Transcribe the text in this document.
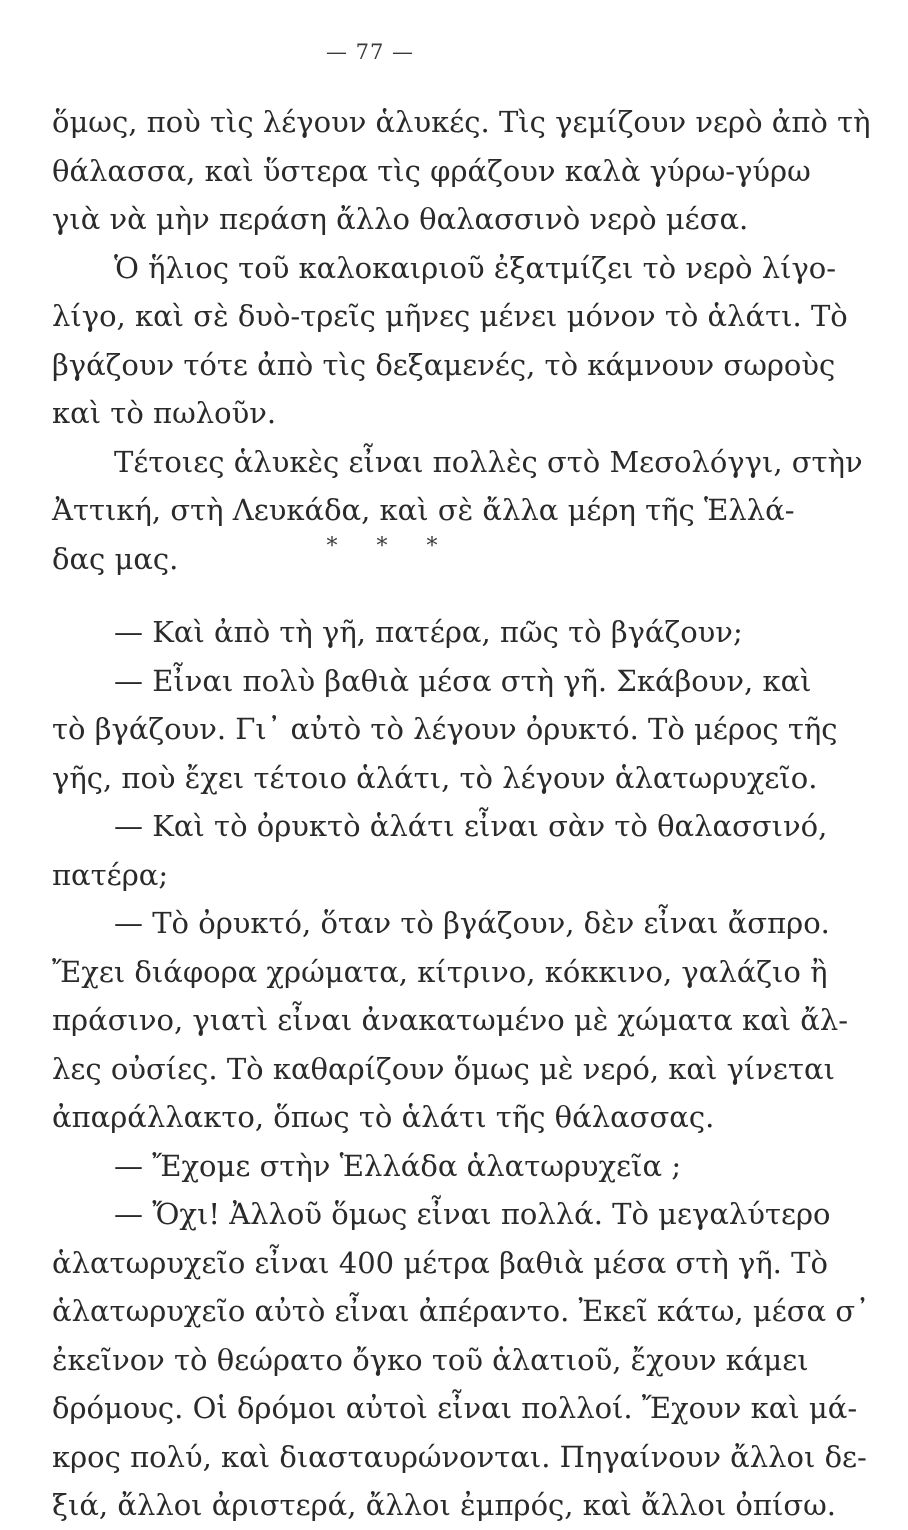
— 77 —
ὅμως, ποὺ τὶς λέγουν ἁλυκές. Τὶς γεμίζουν νερὸ ἀπὸ τὴ
θάλασσα, καὶ ὕστερα τὶς φράζουν καλὰ γύρω-γύρω
γιὰ νὰ μὴν περάση ἄλλο θαλασσινὸ νερὸ μέσα.
Ὁ ἥλιος τοῦ καλοκαιριοῦ ἐξατμίζει τὸ νερὸ λίγο-
λίγο, καὶ σὲ δυὸ-τρεῖς μῆνες μένει μόνον τὸ ἁλάτι. Τὸ
βγάζουν τότε ἀπὸ τὶς δεξαμενές, τὸ κάμνουν σωροὺς
καὶ τὸ πωλοῦν.
Τέτοιες ἁλυκὲς εἶναι πολλὲς στὸ Μεσολόγγι, στὴν
Ἀττική, στὴ Λευκάδα, καὶ σὲ ἄλλα μέρη τῆς Ἑλλά-
δας μας.	* * *
— Καὶ ἀπὸ τὴ γῆ, πατέρα, πῶς τὸ βγάζουν;
— Εἶναι πολὺ βαθιὰ μέσα στὴ γῆ. Σκάβουν, καὶ
τὸ βγάζουν. Γι᾽ αὐτὸ τὸ λέγουν ὀρυκτό. Τὸ μέρος τῆς
γῆς, ποὺ ἔχει τέτοιο ἁλάτι, τὸ λέγουν ἁλατωρυχεῖο.
— Καὶ τὸ ὀρυκτὸ ἁλάτι εἶναι σὰν τὸ θαλασσινό,
πατέρα;
— Τὸ ὀρυκτό, ὅταν τὸ βγάζουν, δὲν εἶναι ἄσπρο.
Ἔχει διάφορα χρώματα, κίτρινο, κόκκινο, γαλάζιο ἢ
πράσινο, γιατὶ εἶναι ἀνακατωμένο μὲ χώματα καὶ ἄλ-
λες οὐσίες. Τὸ καθαρίζουν ὅμως μὲ νερό, καὶ γίνεται
ἀπαράλλακτο, ὅπως τὸ ἁλάτι τῆς θάλασσας.
— Ἔχομε στὴν Ἑλλάδα ἁλατωρυχεῖα ;
— Ὄχι! Ἀλλοῦ ὅμως εἶναι πολλά. Τὸ μεγαλύτερο
ἁλατωρυχεῖο εἶναι 400 μέτρα βαθιὰ μέσα στὴ γῆ. Τὸ
ἁλατωρυχεῖο αὐτὸ εἶναι ἀπέραντο. Ἐκεῖ κάτω, μέσα σ᾽
ἐκεῖνον τὸ θεώρατο ὄγκο τοῦ ἁλατιοῦ, ἔχουν κάμει
δρόμους. Οἱ δρόμοι αὐτοὶ εἶναι πολλοί. Ἔχουν καὶ μά-
κρος πολύ, καὶ διασταυρώνονται. Πηγαίνουν ἄλλοι δε-
ξιά, ἄλλοι ἀριστερά, ἄλλοι ἐμπρός, καὶ ἄλλοι ὀπίσω.
